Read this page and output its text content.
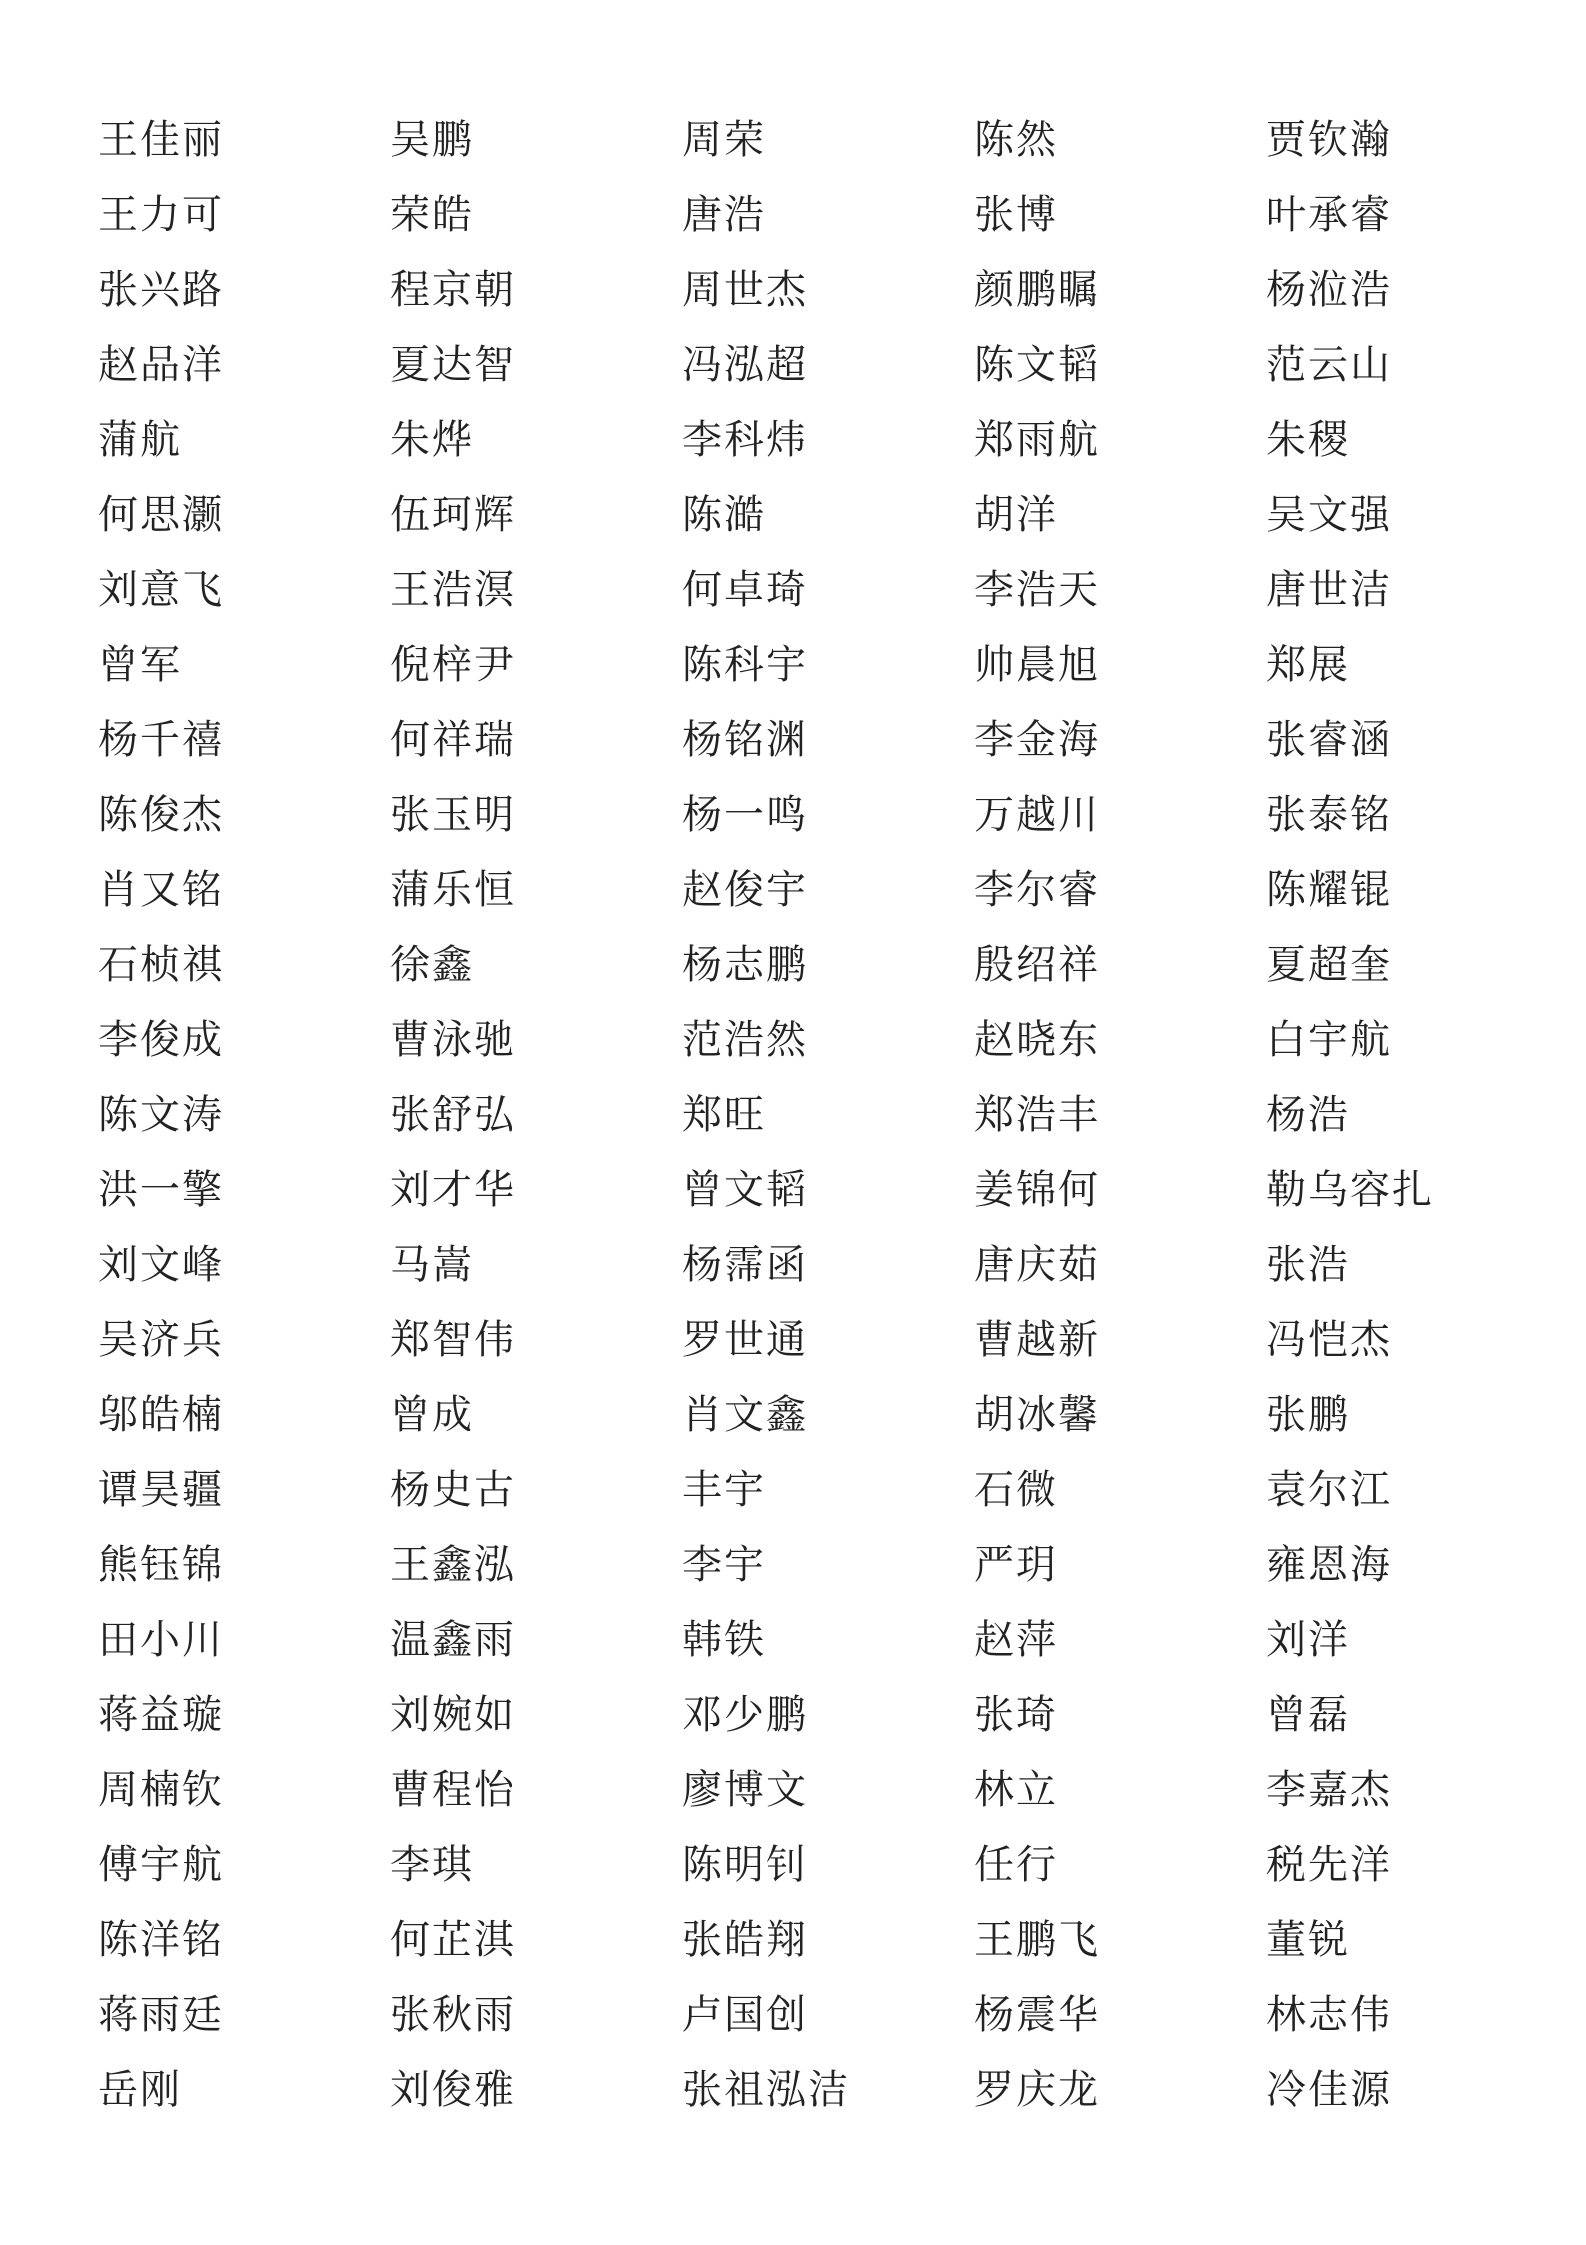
王佳丽	吴鹏	周荣	陈然	贾钦瀚
王力可	荣皓	唐浩	张博	叶承睿
张兴路	程京朝	周世杰	颜鹏瞩	杨涖浩
赵品洋	夏达智	冯泓超	陈文韬	范云山
蒲航	朱烨	李科炜	郑雨航	朱稷
何思灏	伍珂辉	陈澔	胡洋	吴文强
刘意飞	王浩溟	何卓琦	李浩天	唐世洁
曾军	倪梓尹	陈科宇	帅晨旭	郑展
杨千禧	何祥瑞	杨铭渊	李金海	张睿涵
陈俊杰	张玉明	杨一鸣	万越川	张泰铭
肖又铭	蒲乐恒	赵俊宇	李尔睿	陈耀锟
石桢祺	徐鑫	杨志鹏	殷绍祥	夏超奎
李俊成	曹泳驰	范浩然	赵晓东	白宇航
陈文涛	张舒弘	郑旺	郑浩丰	杨浩
洪一擎	刘才华	曾文韬	姜锦何	勒乌容扎
刘文峰	马嵩	杨霈函	唐庆茹	张浩
吴济兵	郑智伟	罗世通	曹越新	冯恺杰
邬皓楠	曾成	肖文鑫	胡冰馨	张鹏
谭昊疆	杨史古	丰宇	石微	袁尔江
熊钰锦	王鑫泓	李宇	严玥	雍恩海
田小川	温鑫雨	韩铁	赵萍	刘洋
蒋益璇	刘婉如	邓少鹏	张琦	曾磊
周楠钦	曹程怡	廖博文	林立	李嘉杰
傅宇航	李琪	陈明钊	任行	税先洋
陈洋铭	何芷淇	张皓翔	王鹏飞	董锐
蒋雨廷	张秋雨	卢国创	杨震华	林志伟
岳刚	刘俊雅	张祖泓洁	罗庆龙	冷佳源
